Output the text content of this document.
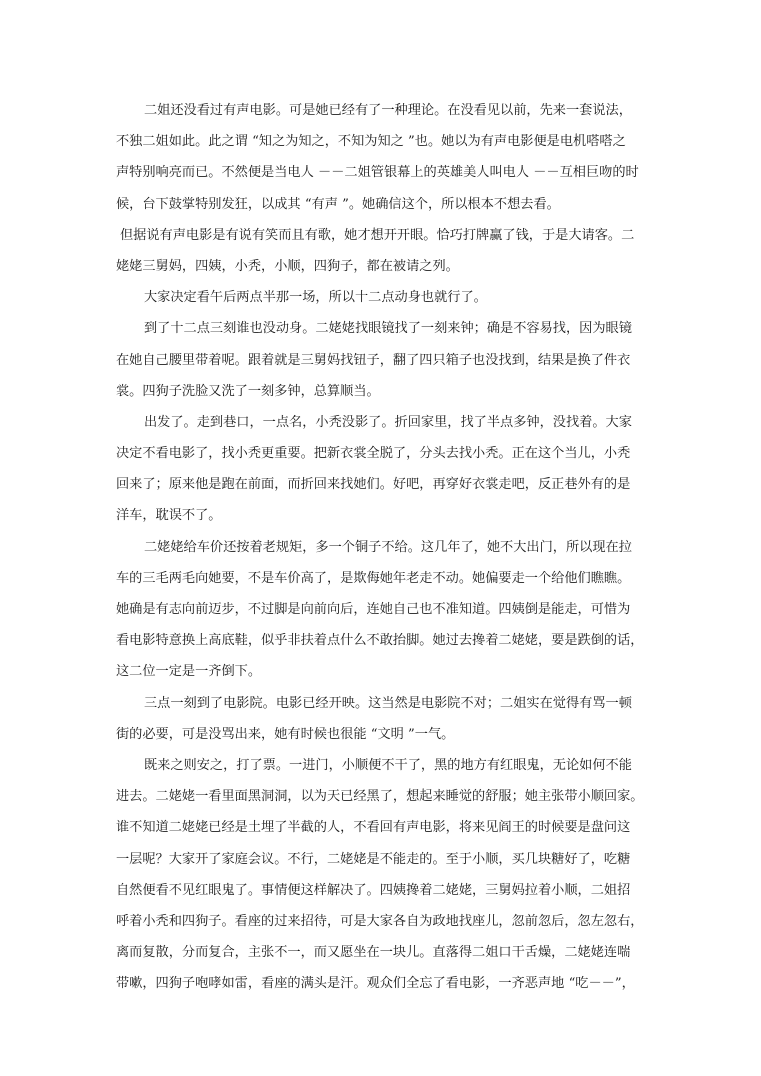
二姐还没看过有声电影。可是她已经有了一种理论。在没看见以前，先来一套说法，
不独二姐如此。此之谓 “知之为知之，不知为知之 ”也。她以为有声电影便是电机嗒嗒之
声特别响亮而已。不然便是当电人 －－二姐管银幕上的英雄美人叫电人 －－互相巨吻的时
候，台下鼓掌特别发狂，以成其 “有声 ”。她确信这个，所以根本不想去看。
但据说有声电影是有说有笑而且有歌，她才想开开眼。恰巧打牌赢了钱，于是大请客。二
姥姥三舅妈，四姨，小秃，小顺，四狗子，都在被请之列。
大家决定看午后两点半那一场，所以十二点动身也就行了。
到了十二点三刻谁也没动身。二姥姥找眼镜找了一刻来钟；确是不容易找，因为眼镜
在她自己腰里带着呢。跟着就是三舅妈找钮子，翻了四只箱子也没找到，结果是换了件衣
裳。四狗子洗脸又洗了一刻多钟，总算顺当。
出发了。走到巷口，一点名，小秃没影了。折回家里，找了半点多钟，没找着。大家
决定不看电影了，找小秃更重要。把新衣裳全脱了，分头去找小秃。正在这个当儿，小秃
回来了；原来他是跑在前面，而折回来找她们。好吧，再穿好衣裳走吧，反正巷外有的是
洋车，耽误不了。
二姥姥给车价还按着老规矩，多一个铜子不给。这几年了，她不大出门，所以现在拉
车的三毛两毛向她要，不是车价高了，是欺侮她年老走不动。她偏要走一个给他们瞧瞧。
她确是有志向前迈步，不过脚是向前向后，连她自己也不准知道。四姨倒是能走，可惜为
看电影特意换上高底鞋，似乎非扶着点什么不敢抬脚。她过去搀着二姥姥，要是跌倒的话，
这二位一定是一齐倒下。
三点一刻到了电影院。电影已经开映。这当然是电影院不对；二姐实在觉得有骂一顿
街的必要，可是没骂出来，她有时候也很能 “文明 ”一气。
既来之则安之，打了票。一进门，小顺便不干了，黑的地方有红眼鬼，无论如何不能
进去。二姥姥一看里面黑洞洞，以为天已经黑了，想起来睡觉的舒服；她主张带小顺回家。
谁不知道二姥姥已经是土埋了半截的人，不看回有声电影，将来见阎王的时候要是盘问这
一层呢？大家开了家庭会议。不行，二姥姥是不能走的。至于小顺，买几块糖好了，吃糖
自然便看不见红眼鬼了。事情便这样解决了。四姨搀着二姥姥，三舅妈拉着小顺，二姐招
呼着小秃和四狗子。看座的过来招待，可是大家各自为政地找座儿，忽前忽后，忽左忽右，
离而复散，分而复合，主张不一，而又愿坐在一块儿。直落得二姐口干舌燥，二姥姥连喘
带嗽，四狗子咆哮如雷，看座的满头是汗。观众们全忘了看电影，一齐恶声地 “吃－－”，
